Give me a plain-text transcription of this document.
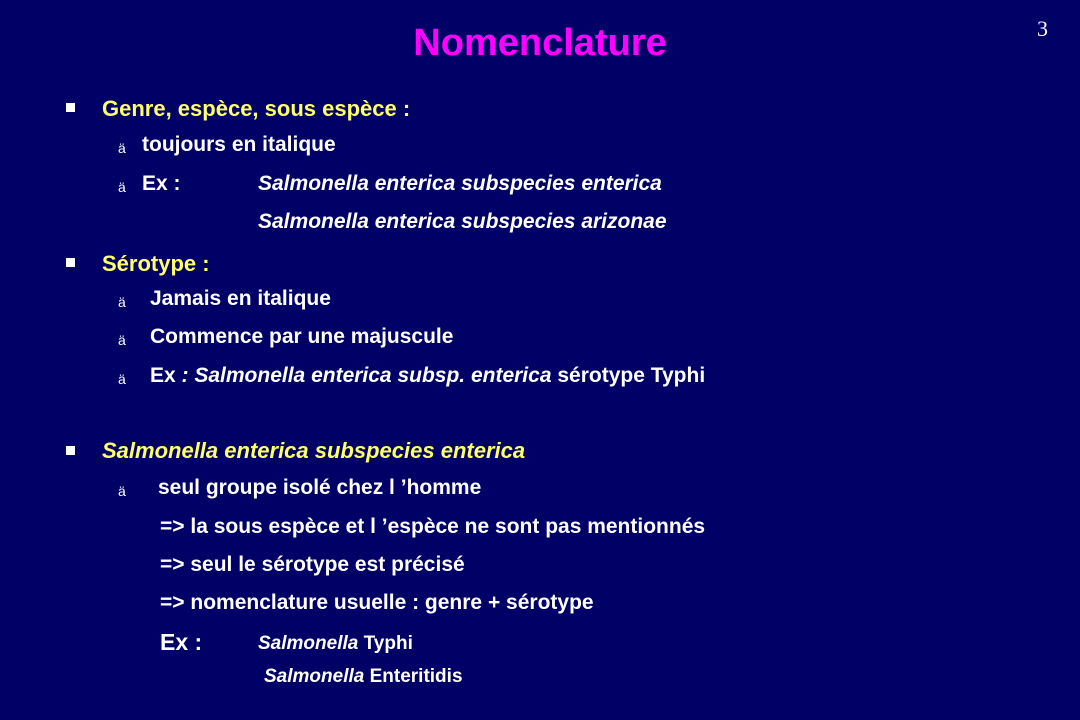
3
Nomenclature
Genre, espèce, sous espèce :
ä toujours en italique
ä Ex :	Salmonella enterica subspecies enterica
Salmonella enterica subspecies arizonae
Sérotype :
ä Jamais en italique
ä Commence par une majuscule
ä Ex : Salmonella enterica subsp. enterica sérotype Typhi
Salmonella enterica subspecies enterica
ä seul groupe isolé chez l ’homme
=> la sous espèce et l ’espèce ne sont pas mentionnés
=> seul le sérotype est précisé
=> nomenclature usuelle : genre + sérotype
Ex :	Salmonella Typhi
Salmonella Enteritidis
